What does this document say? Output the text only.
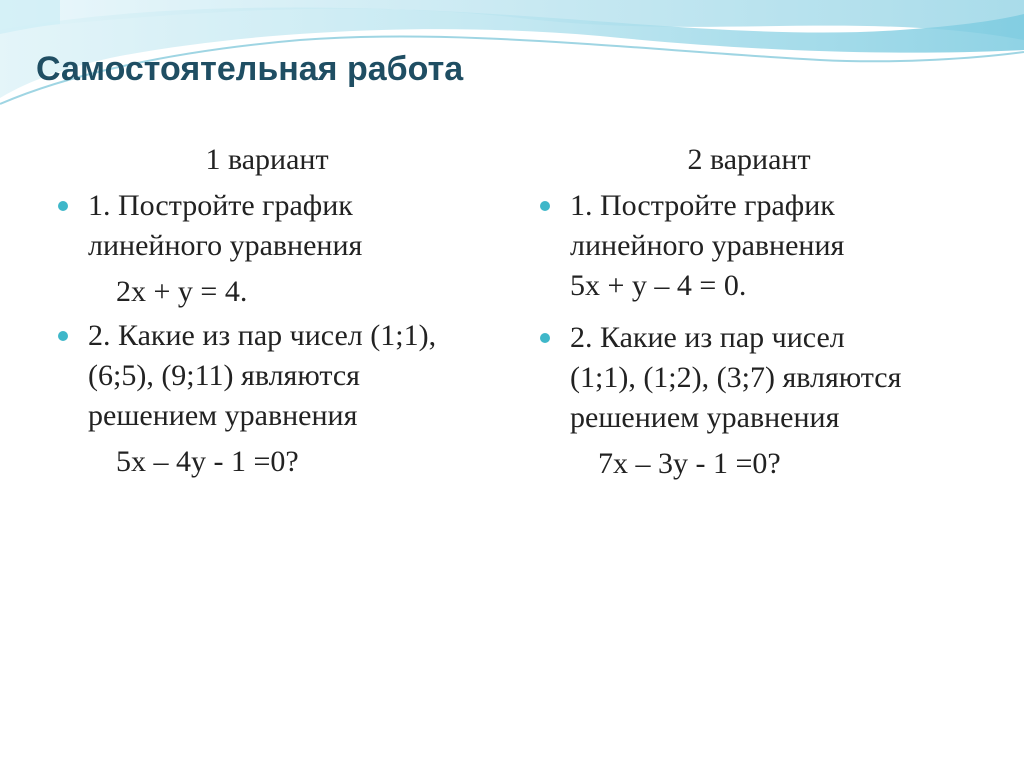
Самостоятельная работа
1 вариант
1. Постройте график
линейного уравнения
2х + у = 4.
2. Какие из пар чисел (1;1),
(6;5), (9;11) являются
решением уравнения
5х – 4у - 1 =0?
2 вариант
1. Постройте график
линейного уравнения
5х + у – 4 = 0.
2. Какие из пар чисел
(1;1), (1;2), (3;7) являются
решением уравнения
7х – 3у - 1 =0?
